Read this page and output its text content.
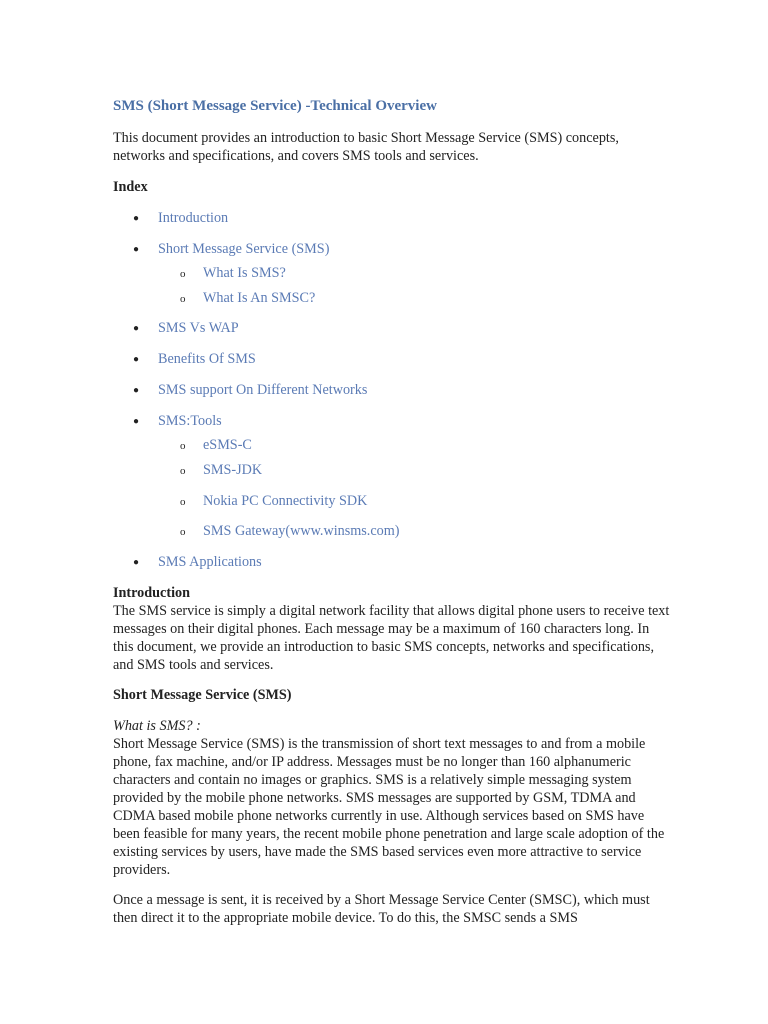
SMS (Short Message Service) -Technical Overview

This document provides an introduction to basic Short Message Service (SMS) concepts, networks and specifications, and covers SMS tools and services.

Index
● Introduction
● Short Message Service (SMS)
o What Is SMS?
o What Is An SMSC?
● SMS Vs WAP
● Benefits Of SMS
● SMS support On Different Networks
● SMS:Tools
o eSMS-C
o SMS-JDK
o Nokia PC Connectivity SDK
o SMS Gateway(www.winsms.com)
● SMS Applications
Introduction

The SMS service is simply a digital network facility that allows digital phone users to receive text messages on their digital phones. Each message may be a maximum of 160 characters long. In this document, we provide an introduction to basic SMS concepts, networks and specifications, and SMS tools and services.

Short Message Service (SMS)
What is SMS? :

Short Message Service (SMS) is the transmission of short text messages to and from a mobile phone, fax machine, and/or IP address. Messages must be no longer than 160 alphanumeric characters and contain no images or graphics. SMS is a relatively simple messaging system provided by the mobile phone networks. SMS messages are supported by GSM, TDMA and CDMA based mobile phone networks currently in use. Although services based on SMS have been feasible for many years, the recent mobile phone penetration and large scale adoption of the existing services by users, have made the SMS based services even more attractive to service providers.

Once a message is sent, it is received by a Short Message Service Center (SMSC), which must then direct it to the appropriate mobile device. To do this, the SMSC sends a SMS
